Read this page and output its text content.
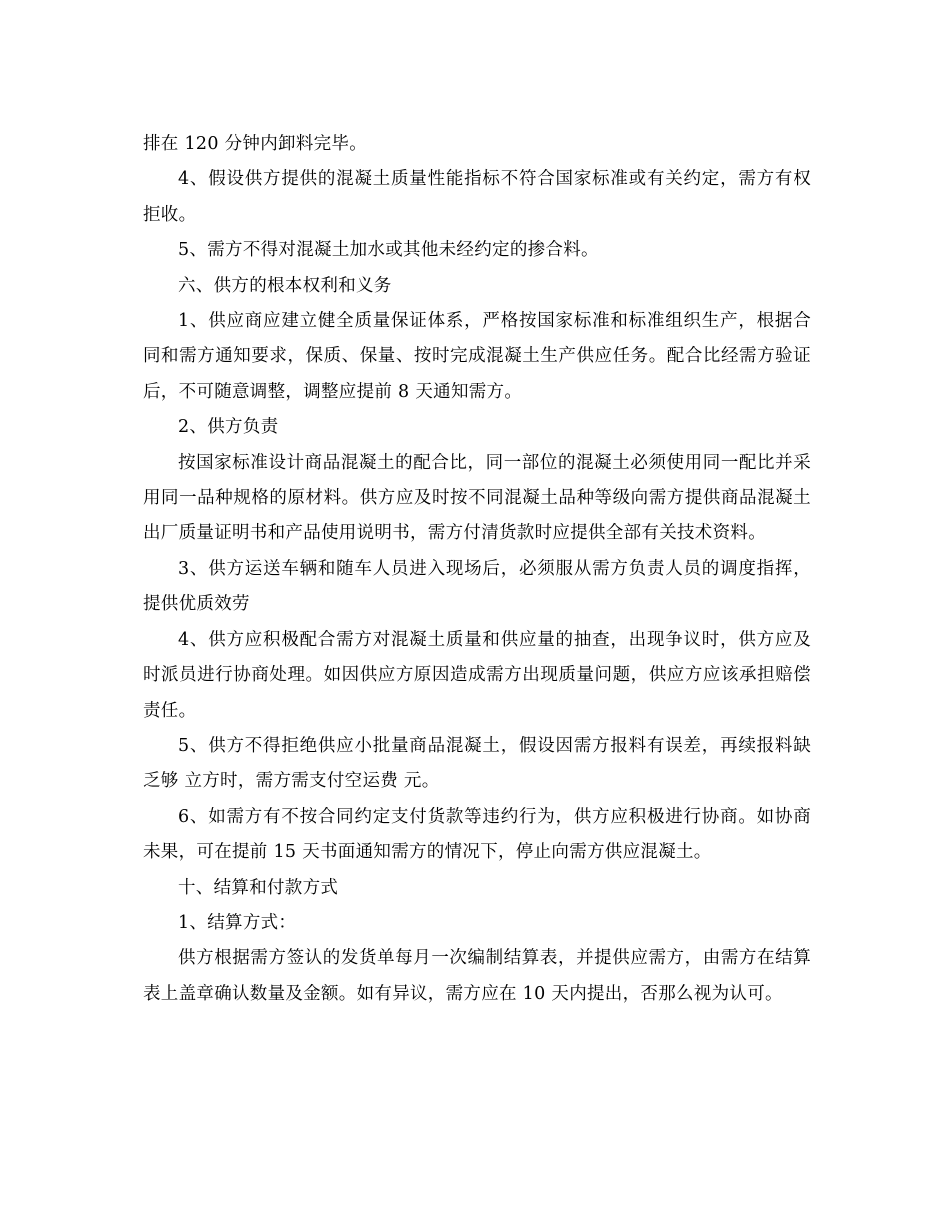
排在 120 分钟内卸料完毕。

4、假设供方提供的混凝土质量性能指标不符合国家标准或有关约定，需方有权拒收。

5、需方不得对混凝土加水或其他未经约定的掺合料。

六、供方的根本权利和义务

1、供应商应建立健全质量保证体系，严格按国家标准和标准组织生产，根据合同和需方通知要求，保质、保量、按时完成混凝土生产供应任务。配合比经需方验证后，不可随意调整，调整应提前 8 天通知需方。

2、供方负责

按国家标准设计商品混凝土的配合比，同一部位的混凝土必须使用同一配比并采用同一品种规格的原材料。供方应及时按不同混凝土品种等级向需方提供商品混凝土出厂质量证明书和产品使用说明书，需方付清货款时应提供全部有关技术资料。

3、供方运送车辆和随车人员进入现场后，必须服从需方负责人员的调度指挥，提供优质效劳

4、供方应积极配合需方对混凝土质量和供应量的抽查，出现争议时，供方应及时派员进行协商处理。如因供应方原因造成需方出现质量问题，供应方应该承担赔偿责任。

5、供方不得拒绝供应小批量商品混凝土，假设因需方报料有误差，再续报料缺乏够 立方时，需方需支付空运费 元。

6、如需方有不按合同约定支付货款等违约行为，供方应积极进行协商。如协商未果，可在提前 15 天书面通知需方的情况下，停止向需方供应混凝土。

十、结算和付款方式

1、结算方式：

供方根据需方签认的发货单每月一次编制结算表，并提供应需方，由需方在结算表上盖章确认数量及金额。如有异议，需方应在 10 天内提出，否那么视为认可。
